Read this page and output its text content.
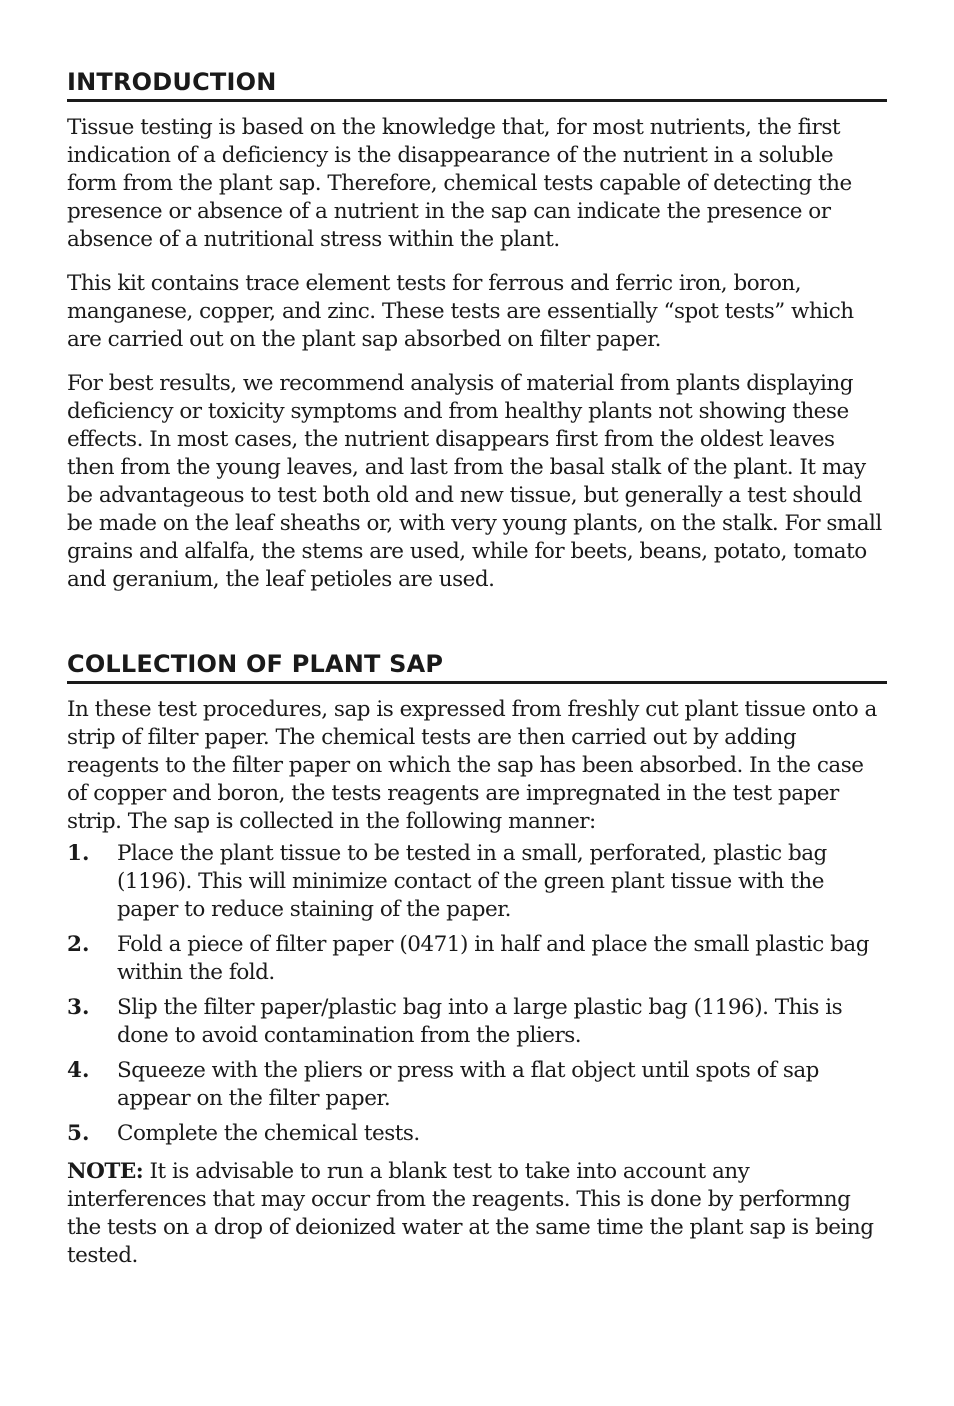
INTRODUCTION

Tissue testing is based on the knowledge that, for most nutrients, the first indication of a deficiency is the disappearance of the nutrient in a soluble form from the plant sap. Therefore, chemical tests capable of detecting the presence or absence of a nutrient in the sap can indicate the presence or absence of a nutritional stress within the plant.

This kit contains trace element tests for ferrous and ferric iron, boron, manganese, copper, and zinc. These tests are essentially “spot tests” which are carried out on the plant sap absorbed on filter paper.

For best results, we recommend analysis of material from plants displaying deficiency or toxicity symptoms and from healthy plants not showing these effects. In most cases, the nutrient disappears first from the oldest leaves then from the young leaves, and last from the basal stalk of the plant. It may be advantageous to test both old and new tissue, but generally a test should be made on the leaf sheaths or, with very young plants, on the stalk. For small grains and alfalfa, the stems are used, while for beets, beans, potato, tomato and geranium, the leaf petioles are used.

COLLECTION OF PLANT SAP

In these test procedures, sap is expressed from freshly cut plant tissue onto a strip of filter paper. The chemical tests are then carried out by adding reagents to the filter paper on which the sap has been absorbed. In the case of copper and boron, the tests reagents are impregnated in the test paper strip. The sap is collected in the following manner:

1.	Place the plant tissue to be tested in a small, perforated, plastic bag (1196). This will minimize contact of the green plant tissue with the paper to reduce staining of the paper.
2.	Fold a piece of filter paper (0471) in half and place the small plastic bag within the fold.
3.	Slip the filter paper/plastic bag into a large plastic bag (1196). This is done to avoid contamination from the pliers.
4.	Squeeze with the pliers or press with a flat object until spots of sap appear on the filter paper.
5.	Complete the chemical tests.

NOTE: It is advisable to run a blank test to take into account any interferences that may occur from the reagents. This is done by performng the tests on a drop of deionized water at the same time the plant sap is being tested.
